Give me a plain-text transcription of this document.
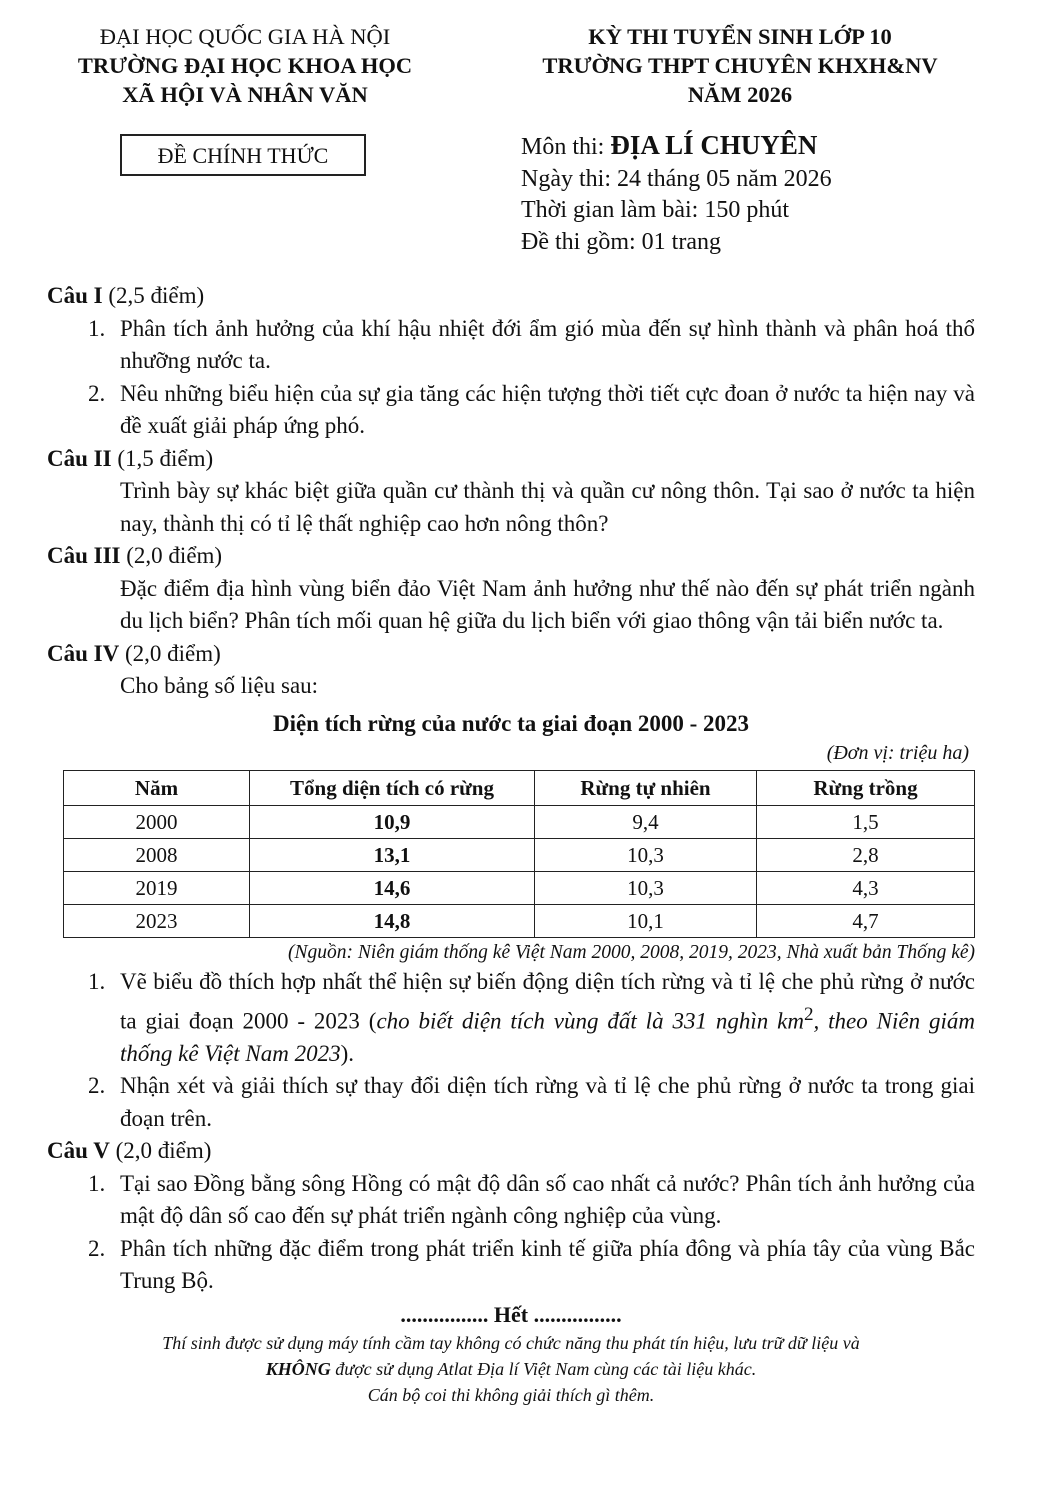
ĐẠI HỌC QUỐC GIA HÀ NỘI
TRƯỜNG ĐẠI HỌC KHOA HỌC
XÃ HỘI VÀ NHÂN VĂN
KỲ THI TUYỂN SINH LỚP 10
TRƯỜNG THPT CHUYÊN KHXH&NV
NĂM 2026
ĐỀ CHÍNH THỨC	Môn thi: ĐỊA LÍ CHUYÊN
Ngày thi: 24 tháng 05 năm 2026
Thời gian làm bài: 150 phút
Đề thi gồm: 01 trang

Câu I (2,5 điểm)

1. Phân tích ảnh hưởng của khí hậu nhiệt đới ẩm gió mùa đến sự hình thành và phân hoá thổ nhưỡng nước ta.
2. Nêu những biểu hiện của sự gia tăng các hiện tượng thời tiết cực đoan ở nước ta hiện nay và đề xuất giải pháp ứng phó.

Câu II (1,5 điểm)

Trình bày sự khác biệt giữa quần cư thành thị và quần cư nông thôn. Tại sao ở nước ta hiện nay, thành thị có tỉ lệ thất nghiệp cao hơn nông thôn?

Câu III (2,0 điểm)

Đặc điểm địa hình vùng biển đảo Việt Nam ảnh hưởng như thế nào đến sự phát triển ngành du lịch biển? Phân tích mối quan hệ giữa du lịch biển với giao thông vận tải biển nước ta.

Câu IV (2,0 điểm)

Cho bảng số liệu sau:

Diện tích rừng của nước ta giai đoạn 2000 - 2023
(Đơn vị: triệu ha)
Năm	Tổng diện tích có rừng	Rừng tự nhiên	Rừng trồng
2000	10,9	9,4	1,5
2008	13,1	10,3	2,8
2019	14,6	10,3	4,3
2023	14,8	10,1	4,7
(Nguồn: Niên giám thống kê Việt Nam 2000, 2008, 2019, 2023, Nhà xuất bản Thống kê)
1. Vẽ biểu đồ thích hợp nhất thể hiện sự biến động diện tích rừng và tỉ lệ che phủ rừng ở nước ta giai đoạn 2000 - 2023 (cho biết diện tích vùng đất là 331 nghìn $km^2$, theo Niên giám thống kê Việt Nam 2023).
2. Nhận xét và giải thích sự thay đổi diện tích rừng và tỉ lệ che phủ rừng ở nước ta trong giai đoạn trên.

Câu V (2,0 điểm)

1. Tại sao Đồng bằng sông Hồng có mật độ dân số cao nhất cả nước? Phân tích ảnh hưởng của mật độ dân số cao đến sự phát triển ngành công nghiệp của vùng.
2. Phân tích những đặc điểm trong phát triển kinh tế giữa phía đông và phía tây của vùng Bắc Trung Bộ.
................ Hết ................
Thí sinh được sử dụng máy tính cầm tay không có chức năng thu phát tín hiệu, lưu trữ dữ liệu và
KHÔNG được sử dụng Atlat Địa lí Việt Nam cùng các tài liệu khác.
Cán bộ coi thi không giải thích gì thêm.
